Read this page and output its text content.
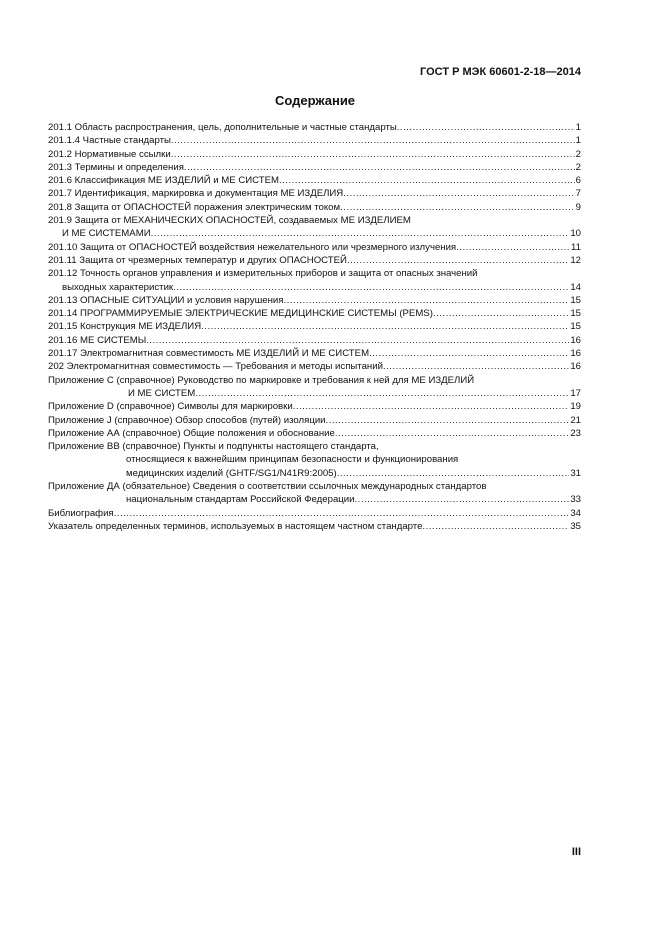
ГОСТ Р МЭК 60601-2-18—2014
Содержание
201.1 Область распространения, цель, дополнительные и частные стандарты .....	1
201.1.4 Частные стандарты .....	1
201.2 Нормативные ссылки .....	2
201.3 Термины и определения .....	2
201.6 Классификация МЕ ИЗДЕЛИЙ и МЕ СИСТЕМ .....	6
201.7 Идентификация, маркировка и документация МЕ ИЗДЕЛИЯ .....	7
201.8 Защита от ОПАСНОСТЕЙ поражения электрическим током .....	9
201.9 Защита от МЕХАНИЧЕСКИХ ОПАСНОСТЕЙ, создаваемых МЕ ИЗДЕЛИЕМ
И МЕ СИСТЕМАМИ .....	10
201.10 Защита от ОПАСНОСТЕЙ воздействия нежелательного или чрезмерного излучения .....	11
201.11 Защита от чрезмерных температур и других ОПАСНОСТЕЙ .....	12
201.12 Точность органов управления и измерительных приборов и защита от опасных значений
выходных характеристик .....	14
201.13 ОПАСНЫЕ СИТУАЦИИ и условия нарушения .....	15
201.14 ПРОГРАММИРУЕМЫЕ ЭЛЕКТРИЧЕСКИЕ МЕДИЦИНСКИЕ СИСТЕМЫ (PEMS) .....	15
201.15 Конструкция МЕ ИЗДЕЛИЯ .....	15
201.16 МЕ СИСТЕМЫ .....	16
201.17 Электромагнитная совместимость МЕ ИЗДЕЛИЙ И МЕ СИСТЕМ .....	16
202 Электромагнитная совместимость — Требования и методы испытаний .....	16
Приложение С (справочное) Руководство по маркировке и требования к ней для МЕ ИЗДЕЛИЙ
И МЕ СИСТЕМ .....	17
Приложение D (справочное) Символы для маркировки .....	19
Приложение J (справочное) Обзор способов (путей) изоляции .....	21
Приложение АА (справочное) Общие положения и обоснование .....	23
Приложение ВВ (справочное) Пункты и подпункты настоящего стандарта,
относящиеся к важнейшим принципам безопасности и функционирования
медицинских изделий (GHTF/SG1/N41R9:2005) .....	31
Приложение ДА (обязательное) Сведения о соответствии ссылочных международных стандартов
национальным стандартам Российской Федерации .....	33
Библиография .....	34
Указатель определенных терминов, используемых в настоящем частном стандарте .....	35
III
